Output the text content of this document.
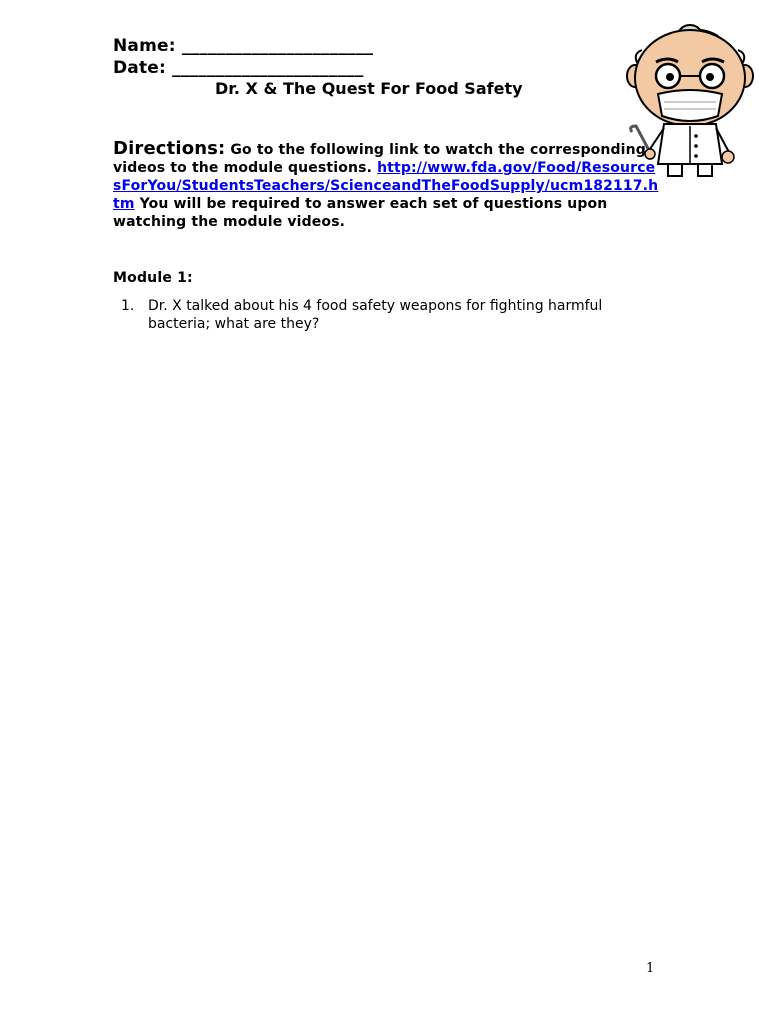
Name: ______________________
Date: ______________________
Dr. X & The Quest For Food Safety
Directions: Go to the following link to watch the corresponding videos to the module questions. http://www.fda.gov/Food/ResourcesForYou/StudentsTeachers/ScienceandTheFoodSupply/ucm182117.htm You will be required to answer each set of questions upon watching the module videos.
Module 1:
1. Dr. X talked about his 4 food safety weapons for fighting harmful bacteria; what are they?
1
